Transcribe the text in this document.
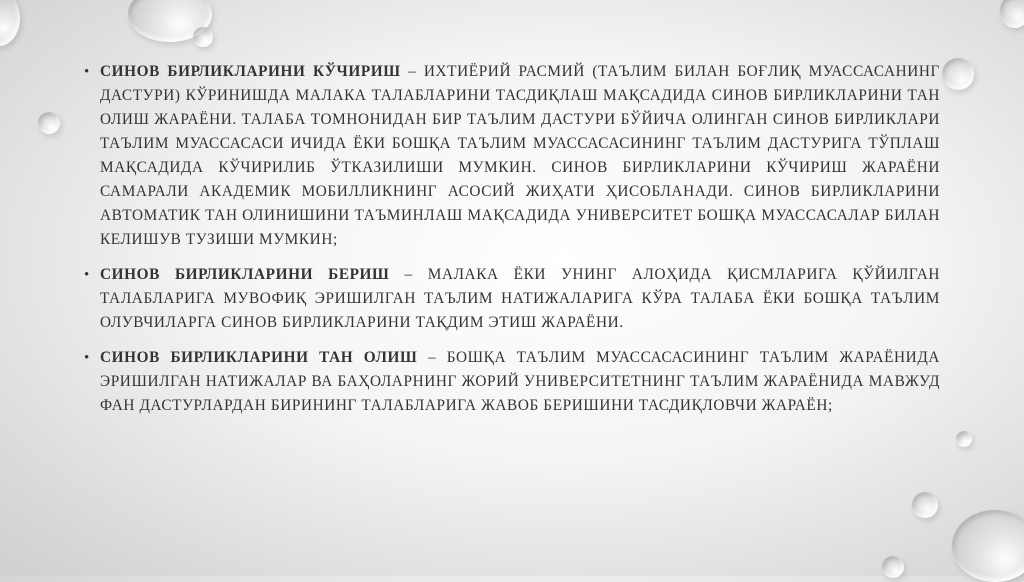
• СИНОВ БИРЛИКЛАРИНИ КЎЧИРИШ – ИХТИЁРИЙ РАСМИЙ (ТАЪЛИМ БИЛАН БОҒЛИҚ МУАССАСАНИНГ ДАСТУРИ) КЎРИНИШДА МАЛАКА ТАЛАБЛАРИНИ ТАСДИҚЛАШ МАҚСАДИДА СИНОВ БИРЛИКЛАРИНИ ТАН ОЛИШ ЖАРАЁНИ. ТАЛАБА ТОМНОНИДАН БИР ТАЪЛИМ ДАСТУРИ БЎЙИЧА ОЛИНГАН СИНОВ БИРЛИКЛАРИ ТАЪЛИМ МУАССАСАСИ ИЧИДА ЁКИ БОШҚА ТАЪЛИМ МУАССАСАСИНИНГ ТАЪЛИМ ДАСТУРИГА ТЎПЛАШ МАҚСАДИДА КЎЧИРИЛИБ ЎТКАЗИЛИШИ МУМКИН. СИНОВ БИРЛИКЛАРИНИ КЎЧИРИШ ЖАРАЁНИ САМАРАЛИ АКАДЕМИК МОБИЛЛИКНИНГ АСОСИЙ ЖИҲАТИ ҲИСОБЛАНАДИ. СИНОВ БИРЛИКЛАРИНИ АВТОМАТИК ТАН ОЛИНИШИНИ ТАЪМИНЛАШ МАҚСАДИДА УНИВЕРСИТЕТ БОШҚА МУАССАСАЛАР БИЛАН КЕЛИШУВ ТУЗИШИ МУМКИН;
• СИНОВ БИРЛИКЛАРИНИ БЕРИШ – МАЛАКА ЁКИ УНИНГ АЛОҲИДА ҚИСМЛАРИГА ҚЎЙИЛГАН ТАЛАБЛАРИГА МУВОФИҚ ЭРИШИЛГАН ТАЪЛИМ НАТИЖАЛАРИГА КЎРА ТАЛАБА ЁКИ БОШҚА ТАЪЛИМ ОЛУВЧИЛАРГА СИНОВ БИРЛИКЛАРИНИ ТАҚДИМ ЭТИШ ЖАРАЁНИ.
• СИНОВ БИРЛИКЛАРИНИ ТАН ОЛИШ – БОШҚА ТАЪЛИМ МУАССАСАСИНИНГ ТАЪЛИМ ЖАРАЁНИДА ЭРИШИЛГАН НАТИЖАЛАР ВА БАҲОЛАРНИНГ ЖОРИЙ УНИВЕРСИТЕТНИНГ ТАЪЛИМ ЖАРАЁНИДА МАВЖУД ФАН ДАСТУРЛАРДАН БИРИНИНГ ТАЛАБЛАРИГА ЖАВОБ БЕРИШИНИ ТАСДИҚЛОВЧИ ЖАРАЁН;
